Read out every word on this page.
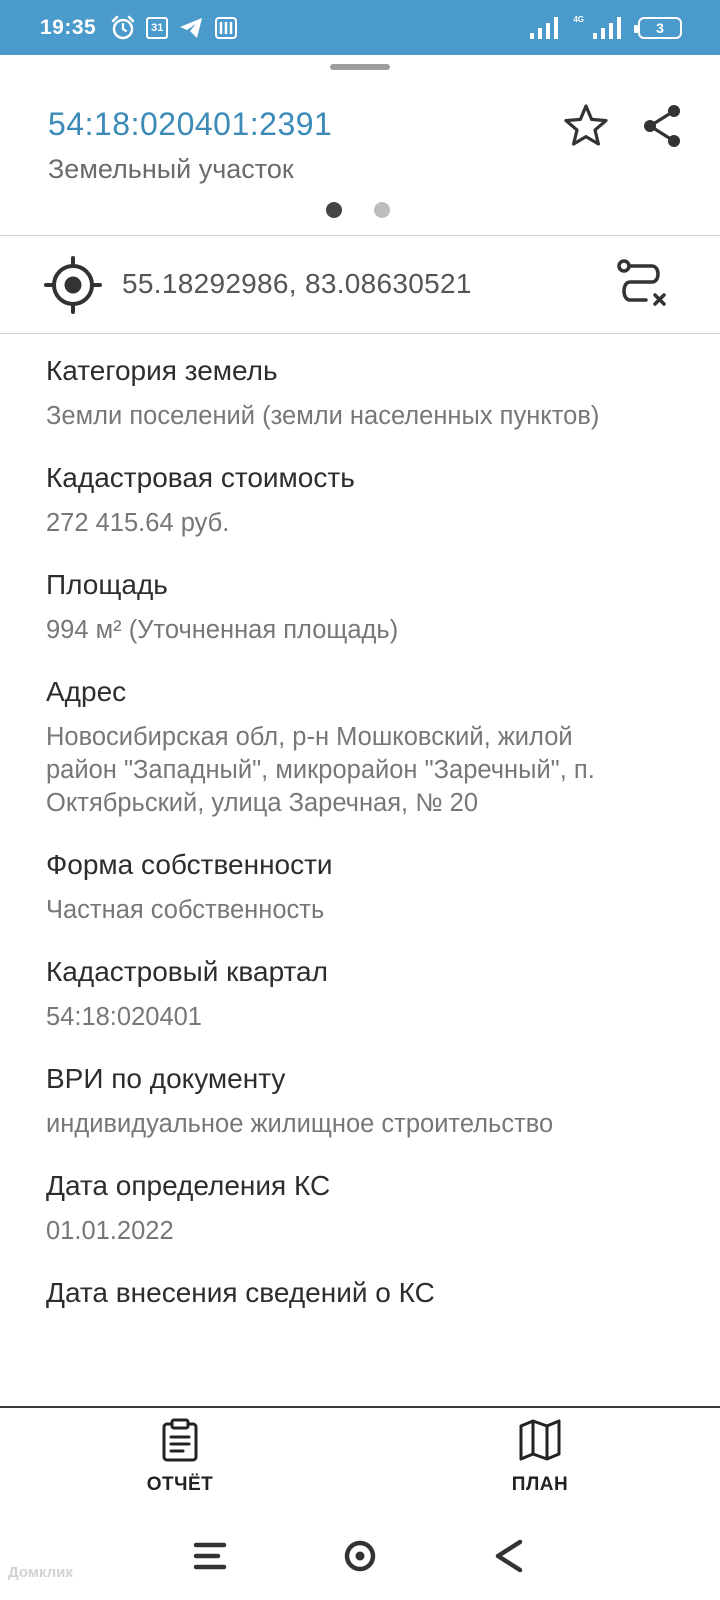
19:35	31
4G	3
54:18:020401:2391
Земельный участок
55.18292986, 83.08630521
Категория земель
Земли поселений (земли населенных пунктов)
Кадастровая стоимость
272 415.64 руб.
Площадь
994 м² (Уточненная площадь)
Адрес
Новосибирская обл, р-н Мошковский, жилой
район "Западный", микрорайон "Заречный", п.
Октябрьский, улица Заречная, № 20
Форма собственности
Частная собственность
Кадастровый квартал
54:18:020401
ВРИ по документу
индивидуальное жилищное строительство
Дата определения КС
01.01.2022
Дата внесения сведений о КС
ОТЧЁТ	ПЛАН
Домклик
